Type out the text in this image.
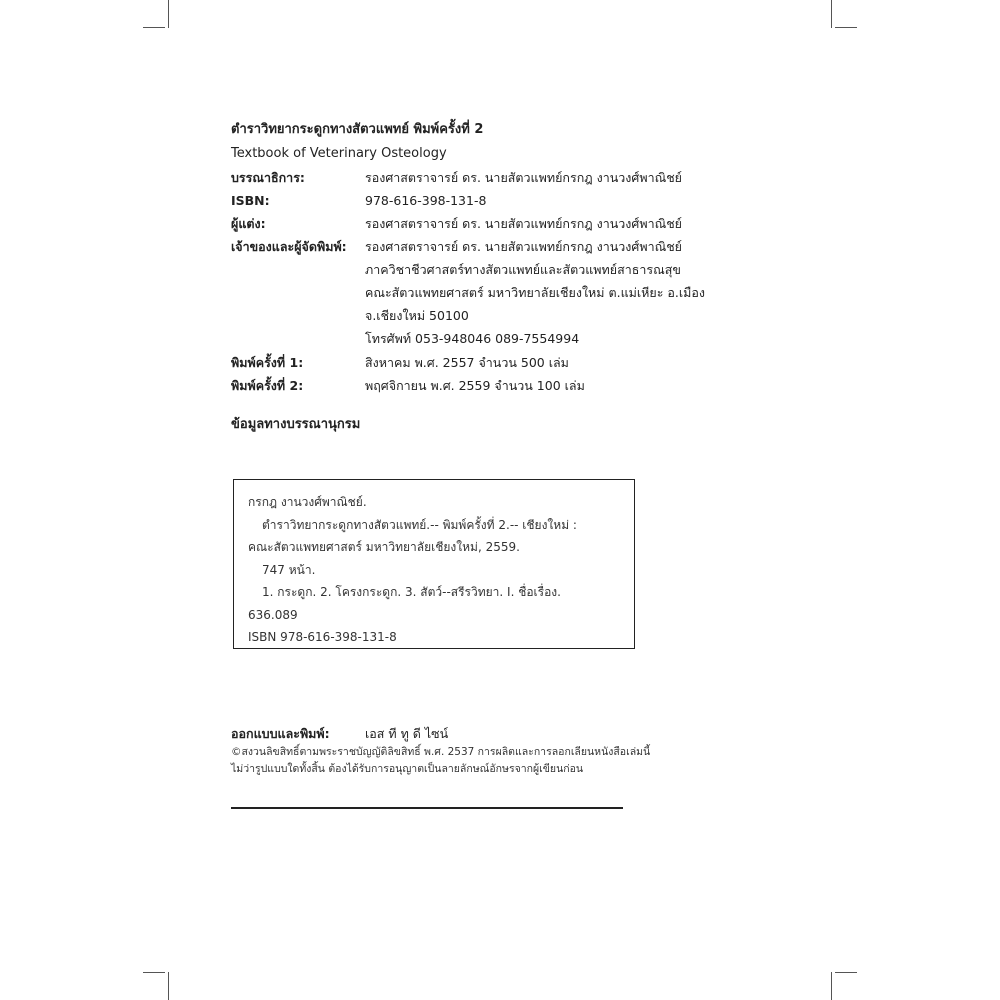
ตำราวิทยากระดูกทางสัตวแพทย์ พิมพ์ครั้งที่ 2
Textbook of Veterinary Osteology
บรรณาธิการ:	รองศาสตราจารย์ ดร. นายสัตวแพทย์กรกฎ งานวงศ์พาณิชย์
ISBN:	978-616-398-131-8
ผู้แต่ง:	รองศาสตราจารย์ ดร. นายสัตวแพทย์กรกฎ งานวงศ์พาณิชย์
เจ้าของและผู้จัดพิมพ์:	รองศาสตราจารย์ ดร. นายสัตวแพทย์กรกฎ งานวงศ์พาณิชย์
ภาควิชาชีวศาสตร์ทางสัตวแพทย์และสัตวแพทย์สาธารณสุข
คณะสัตวแพทยศาสตร์ มหาวิทยาลัยเชียงใหม่ ต.แม่เหียะ อ.เมือง
จ.เชียงใหม่ 50100
โทรศัพท์ 053-948046 089-7554994
พิมพ์ครั้งที่ 1:	สิงหาคม พ.ศ. 2557 จำนวน 500 เล่ม
พิมพ์ครั้งที่ 2:	พฤศจิกายน พ.ศ. 2559 จำนวน 100 เล่ม
ข้อมูลทางบรรณานุกรม
กรกฎ งานวงศ์พาณิชย์.
ตำราวิทยากระดูกทางสัตวแพทย์.-- พิมพ์ครั้งที่ 2.-- เชียงใหม่ :
คณะสัตวแพทยศาสตร์ มหาวิทยาลัยเชียงใหม่, 2559.
747 หน้า.
1. กระดูก. 2. โครงกระดูก. 3. สัตว์--สรีรวิทยา. I. ชื่อเรื่อง.
636.089
ISBN 978-616-398-131-8
ออกแบบและพิมพ์:	เอส ที ทู ดี ไซน์
©สงวนลิขสิทธิ์ตามพระราชบัญญัติลิขสิทธิ์ พ.ศ. 2537 การผลิตและการลอกเลียนหนังสือเล่มนี้
ไม่ว่ารูปแบบใดทั้งสิ้น ต้องได้รับการอนุญาตเป็นลายลักษณ์อักษรจากผู้เขียนก่อน
